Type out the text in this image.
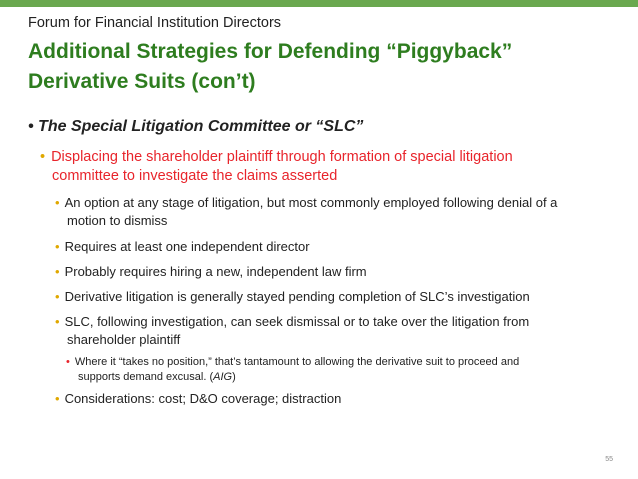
Forum for Financial Institution Directors
Additional Strategies for Defending “Piggyback”
Derivative Suits (con’t)
• The Special Litigation Committee or “SLC”
• Displacing the shareholder plaintiff through formation of special litigation
committee to investigate the claims asserted
• An option at any stage of litigation, but most commonly employed following denial of a
motion to dismiss
• Requires at least one independent director
• Probably requires hiring a new, independent law firm
• Derivative litigation is generally stayed pending completion of SLC’s investigation
• SLC, following investigation, can seek dismissal or to take over the litigation from
shareholder plaintiff
• Where it “takes no position,” that’s tantamount to allowing the derivative suit to proceed and
supports demand excusal. (AIG)
• Considerations: cost; D&O coverage; distraction
55
